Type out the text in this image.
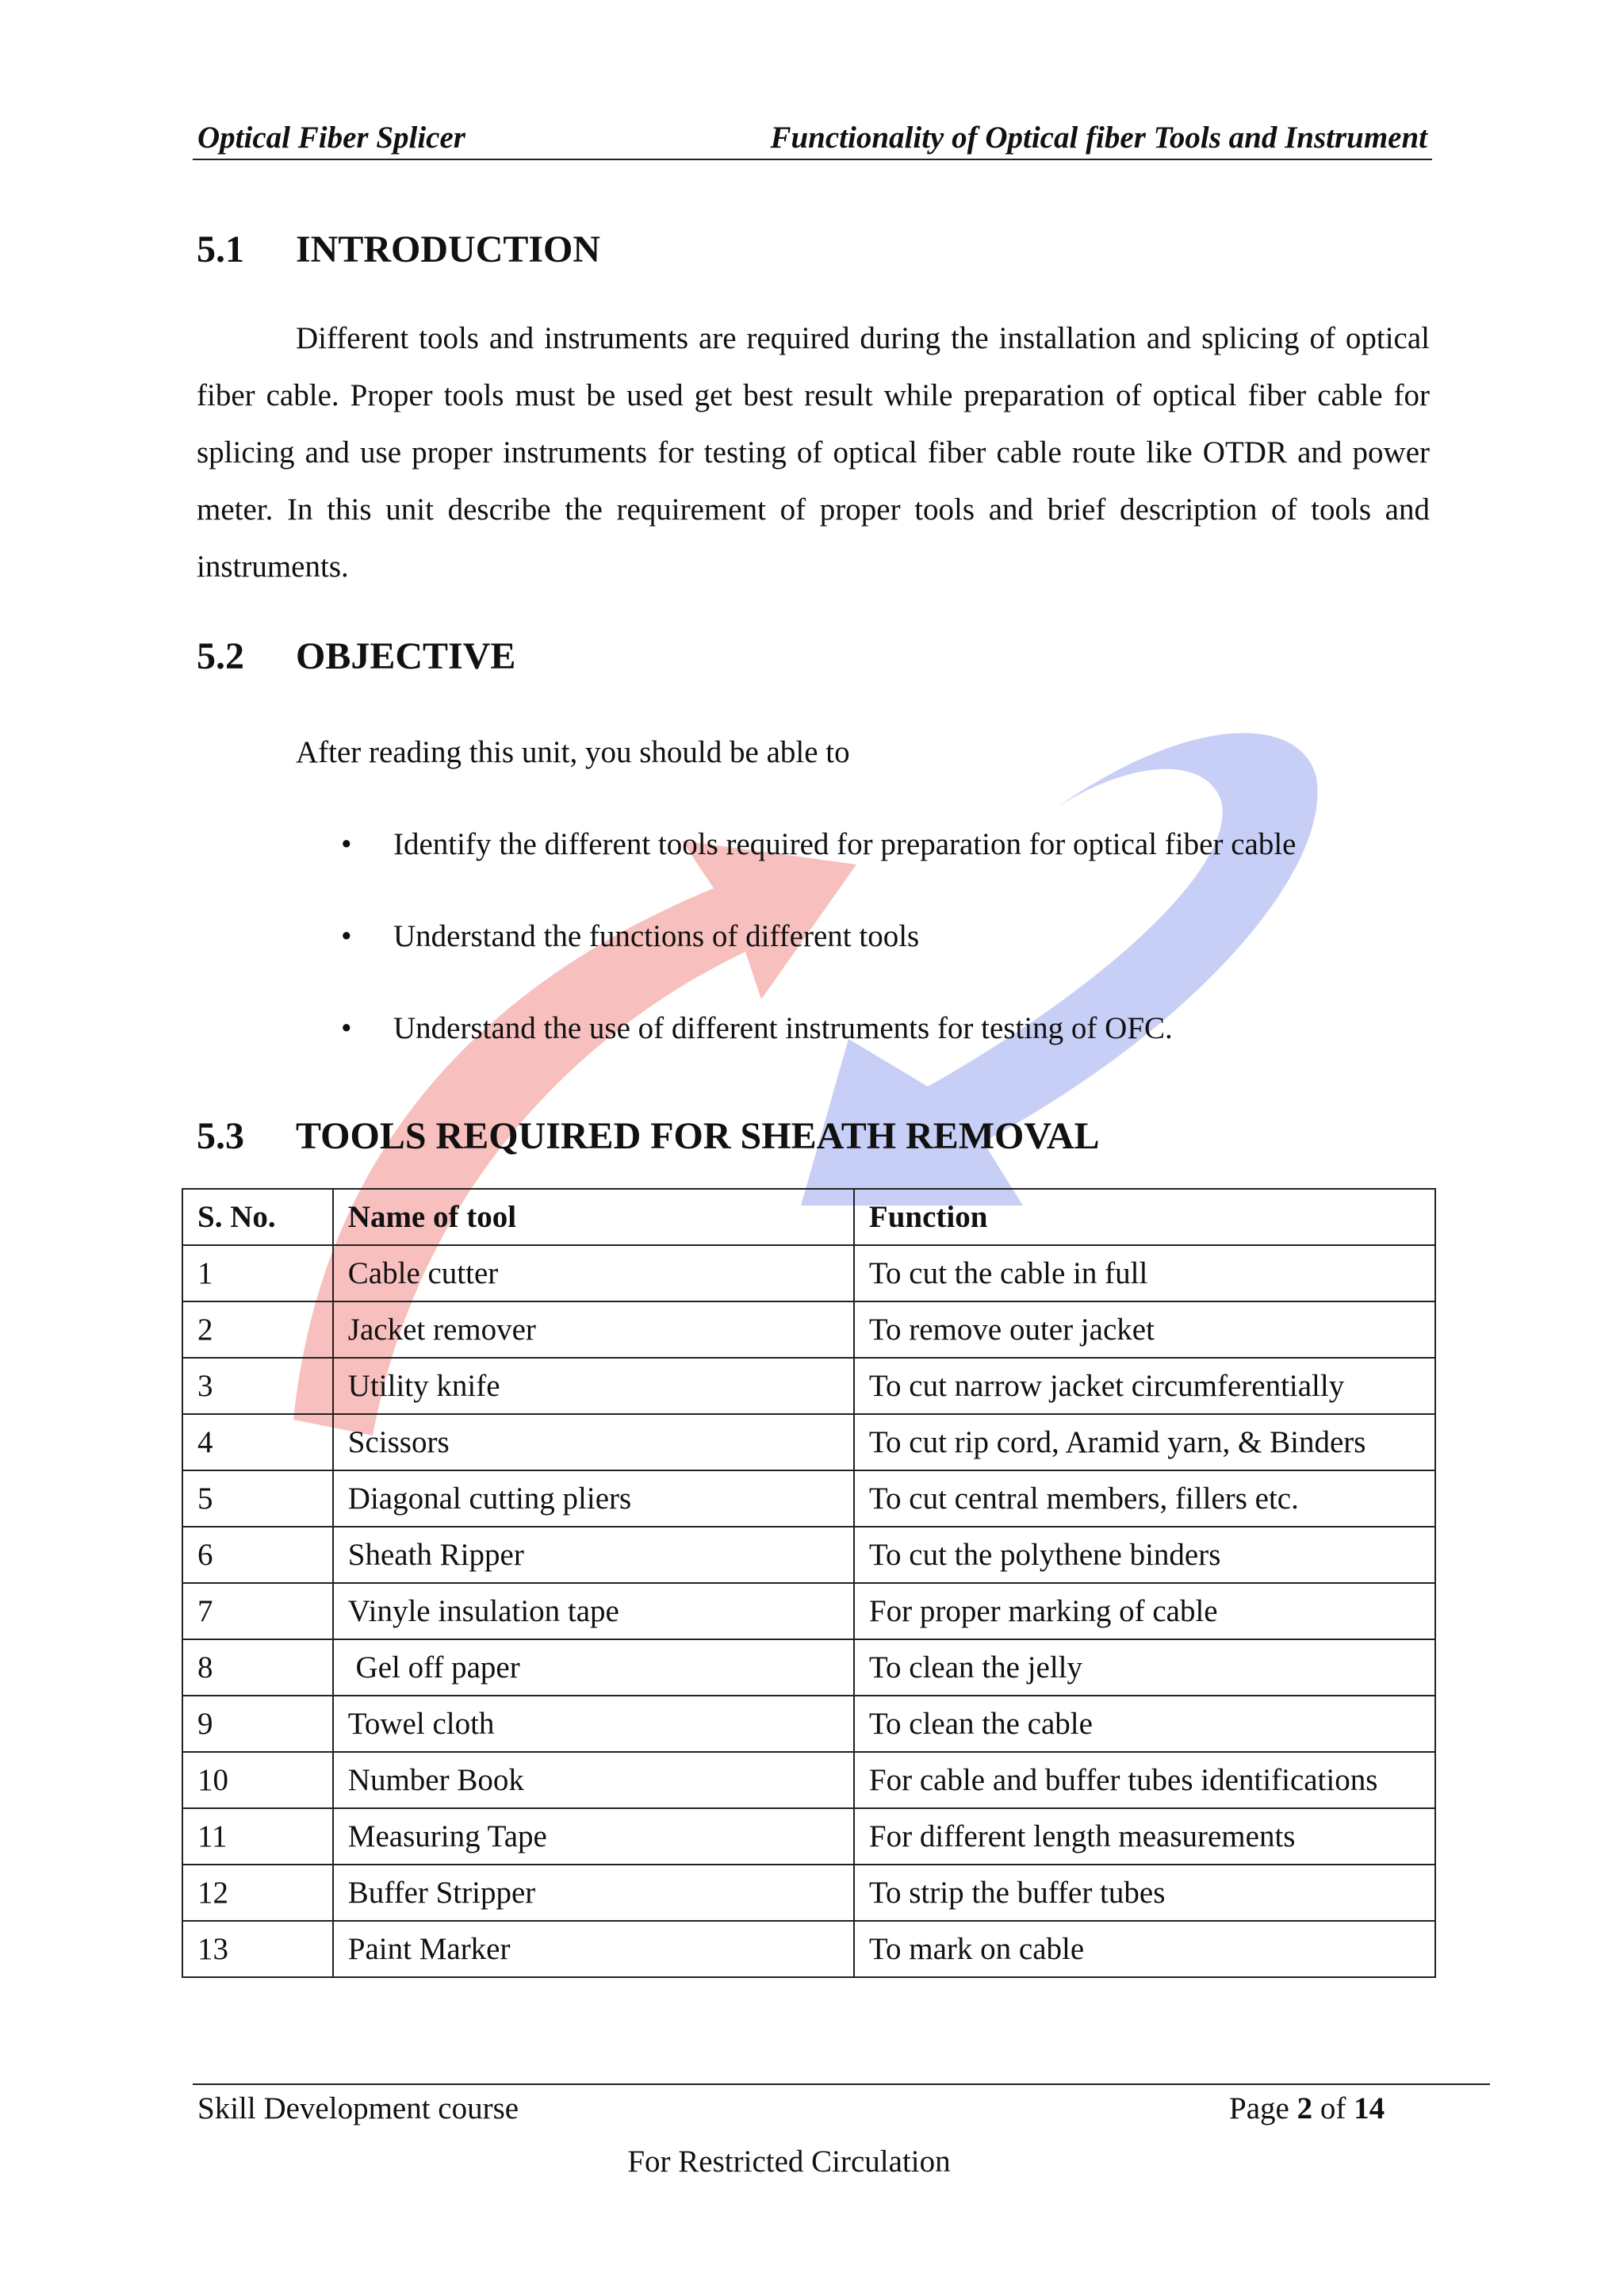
Optical Fiber Splicer	Functionality of Optical fiber Tools and Instrument
5.1 INTRODUCTION

Different tools and instruments are required during the installation and splicing of optical fiber cable. Proper tools must be used get best result while preparation of optical fiber cable for splicing and use proper instruments for testing of optical fiber cable route like OTDR and power meter. In this unit describe the requirement of proper tools and brief description of tools and instruments.

5.2 OBJECTIVE
After reading this unit, you should be able to
• Identify the different tools required for preparation for optical fiber cable
• Understand the functions of different tools
• Understand the use of different instruments for testing of OFC.
5.3 TOOLS REQUIRED FOR SHEATH REMOVAL
S. No.	Name of tool	Function
1	Cable cutter	To cut the cable in full
2	Jacket remover	To remove outer jacket
3	Utility knife	To cut narrow jacket circumferentially
4	Scissors	To cut rip cord, Aramid yarn, & Binders
5	Diagonal cutting pliers	To cut central members, fillers etc.
6	Sheath Ripper	To cut the polythene binders
7	Vinyle insulation tape	For proper marking of cable
8	Gel off paper	To clean the jelly
9	Towel cloth	To clean the cable
10	Number Book	For cable and buffer tubes identifications
11	Measuring Tape	For different length measurements
12	Buffer Stripper	To strip the buffer tubes
13	Paint Marker	To mark on cable
Skill Development course	Page 2 of 14
For Restricted Circulation
